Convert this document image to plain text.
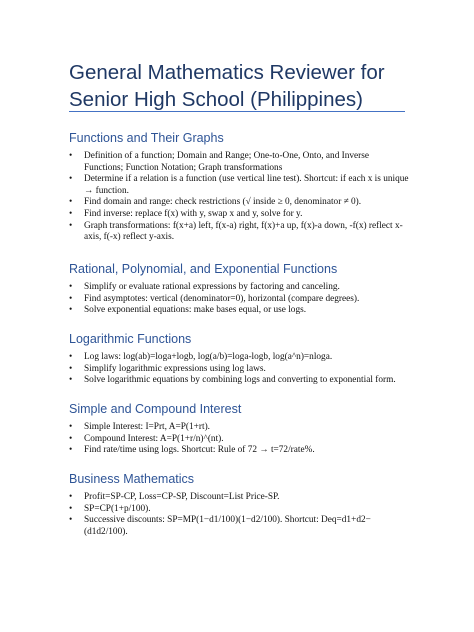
General Mathematics Reviewer for Senior High School (Philippines)
Functions and Their Graphs
• Definition of a function; Domain and Range; One-to-One, Onto, and Inverse Functions; Function Notation; Graph transformations
• Determine if a relation is a function (use vertical line test). Shortcut: if each x is unique → function.
• Find domain and range: check restrictions (√ inside ≥ 0, denominator ≠ 0).
• Find inverse: replace f(x) with y, swap x and y, solve for y.
• Graph transformations: f(x+a) left, f(x-a) right, f(x)+a up, f(x)-a down, -f(x) reflect x-axis, f(-x) reflect y-axis.
Rational, Polynomial, and Exponential Functions
• Simplify or evaluate rational expressions by factoring and canceling.
• Find asymptotes: vertical (denominator=0), horizontal (compare degrees).
• Solve exponential equations: make bases equal, or use logs.
Logarithmic Functions
• Log laws: log(ab)=loga+logb, log(a/b)=loga-logb, log(a^n)=nloga.
• Simplify logarithmic expressions using log laws.
• Solve logarithmic equations by combining logs and converting to exponential form.
Simple and Compound Interest
• Simple Interest: I=Prt, A=P(1+rt).
• Compound Interest: A=P(1+r/n)^(nt).
• Find rate/time using logs. Shortcut: Rule of 72 → t=72/rate%.
Business Mathematics
• Profit=SP-CP, Loss=CP-SP, Discount=List Price-SP.
• SP=CP(1+p/100).
• Successive discounts: SP=MP(1−d1/100)(1−d2/100). Shortcut: Deq=d1+d2−(d1d2/100).
